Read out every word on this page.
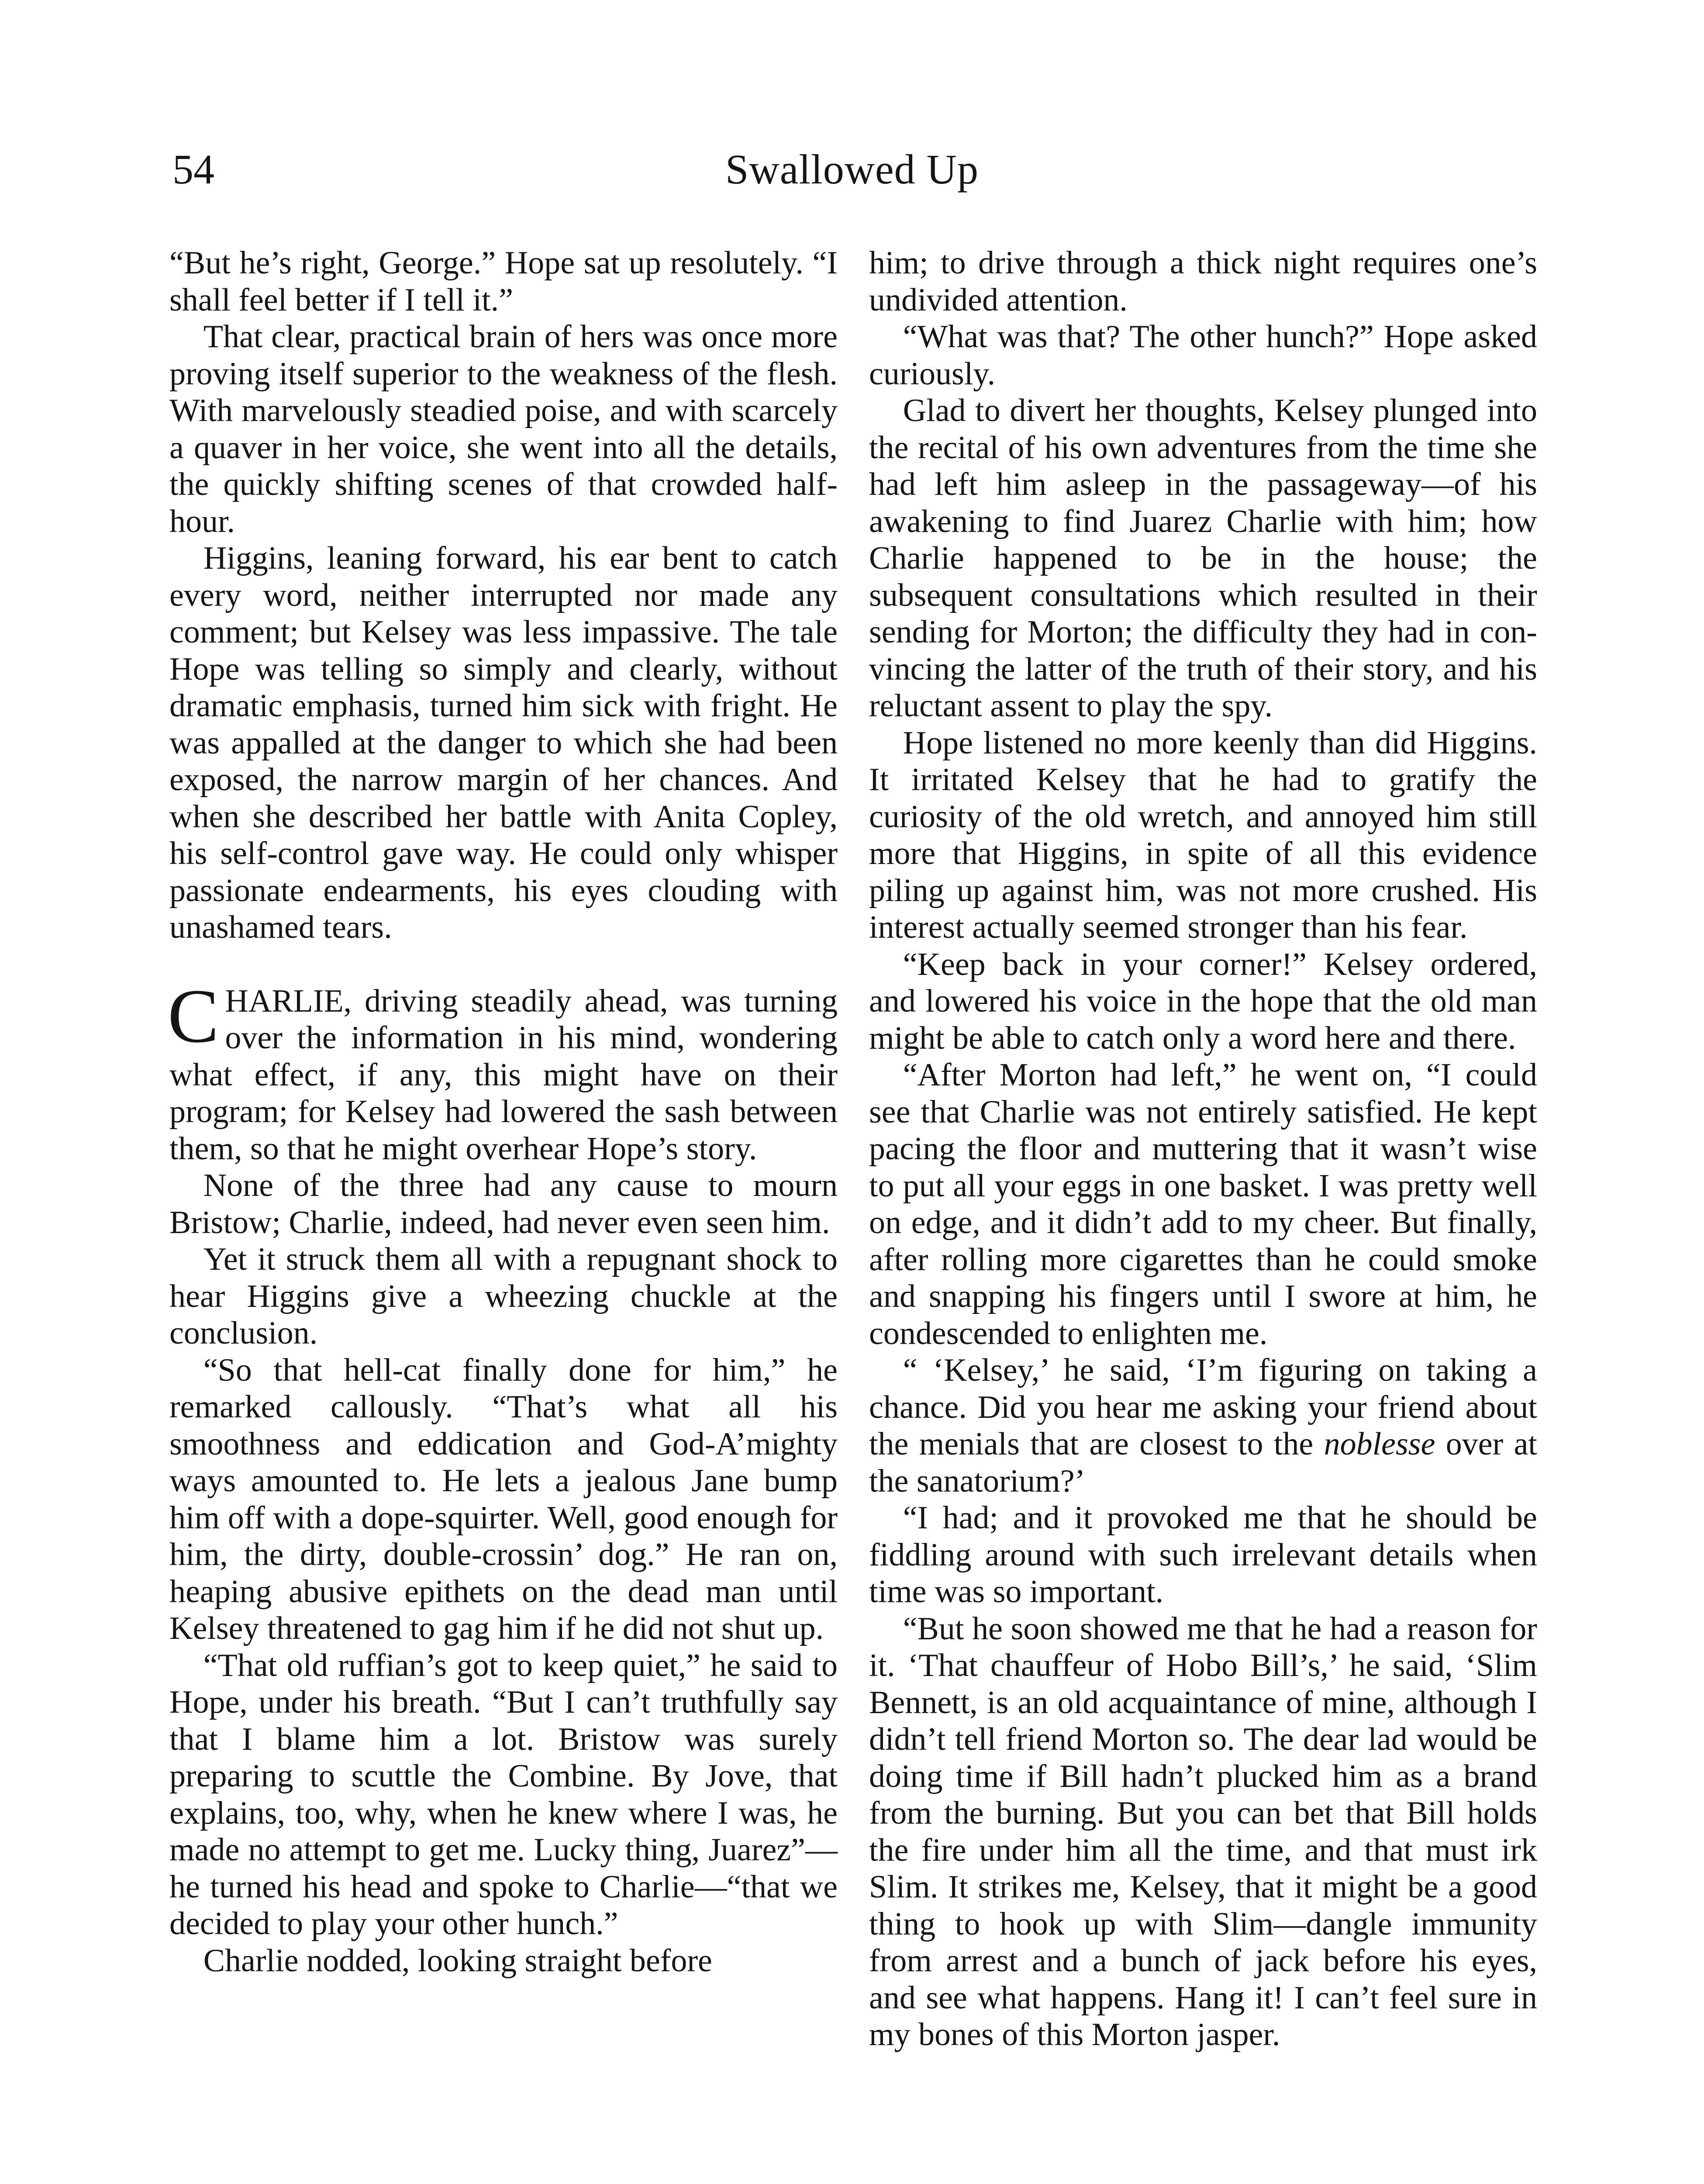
54	Swallowed Up

“But he’s right, George.” Hope sat up resolutely. “I shall feel better if I tell it.”

That clear, practical brain of hers was once more proving itself superior to the weakness of the flesh. With marvelously steadied poise, and with scarcely a quaver in her voice, she went into all the details, the quickly shifting scenes of that crowded half-hour.

Higgins, leaning forward, his ear bent to catch every word, neither interrupted nor made any comment; but Kelsey was less impassive. The tale Hope was telling so simply and clearly, without dramatic emphasis, turned him sick with fright. He was appalled at the danger to which she had been exposed, the narrow margin of her chances. And when she described her battle with Anita Copley, his self-control gave way. He could only whisper passionate endearments, his eyes clouding with unashamed tears.

CHARLIE, driving steadily ahead, was turning over the information in his mind, wondering what effect, if any, this might have on their program; for Kelsey had lowered the sash between them, so that he might overhear Hope’s story.

None of the three had any cause to mourn Bristow; Charlie, indeed, had never even seen him.

Yet it struck them all with a repugnant shock to hear Higgins give a wheezing chuckle at the conclusion.

“So that hell-cat finally done for him,” he remarked callously. “That’s what all his smoothness and eddication and God-A’mighty ways amounted to. He lets a jealous Jane bump him off with a dope-squirter. Well, good enough for him, the dirty, double-crossin’ dog.” He ran on, heaping abusive epithets on the dead man until Kelsey threatened to gag him if he did not shut up.

“That old ruffian’s got to keep quiet,” he said to Hope, under his breath. “But I can’t truthfully say that I blame him a lot. Bristow was surely preparing to scuttle the Combine. By Jove, that explains, too, why, when he knew where I was, he made no attempt to get me. Lucky thing, Juarez”—he turned his head and spoke to Charlie—“that we decided to play your other hunch.”

Charlie nodded, looking straight before

him; to drive through a thick night requires one’s undivided attention.

“What was that? The other hunch?” Hope asked curiously.

Glad to divert her thoughts, Kelsey plunged into the recital of his own adventures from the time she had left him asleep in the passageway—of his awakening to find Juarez Charlie with him; how Charlie happened to be in the house; the subsequent consultations which resulted in their sending for Morton; the difficulty they had in convincing the latter of the truth of their story, and his reluctant assent to play the spy.

Hope listened no more keenly than did Higgins. It irritated Kelsey that he had to gratify the curiosity of the old wretch, and annoyed him still more that Higgins, in spite of all this evidence piling up against him, was not more crushed. His interest actually seemed stronger than his fear.

“Keep back in your corner!” Kelsey ordered, and lowered his voice in the hope that the old man might be able to catch only a word here and there.

“After Morton had left,” he went on, “I could see that Charlie was not entirely satisfied. He kept pacing the floor and muttering that it wasn’t wise to put all your eggs in one basket. I was pretty well on edge, and it didn’t add to my cheer. But finally, after rolling more cigarettes than he could smoke and snapping his fingers until I swore at him, he condescended to enlighten me.

“ ‘Kelsey,’ he said, ‘I’m figuring on taking a chance. Did you hear me asking your friend about the menials that are closest to the noblesse over at the sanatorium?’

“I had; and it provoked me that he should be fiddling around with such irrelevant details when time was so important.

“But he soon showed me that he had a reason for it. ‘That chauffeur of Hobo Bill’s,’ he said, ‘Slim Bennett, is an old acquaintance of mine, although I didn’t tell friend Morton so. The dear lad would be doing time if Bill hadn’t plucked him as a brand from the burning. But you can bet that Bill holds the fire under him all the time, and that must irk Slim. It strikes me, Kelsey, that it might be a good thing to hook up with Slim—dangle immunity from arrest and a bunch of jack before his eyes, and see what happens. Hang it! I can’t feel sure in my bones of this Morton jasper.
